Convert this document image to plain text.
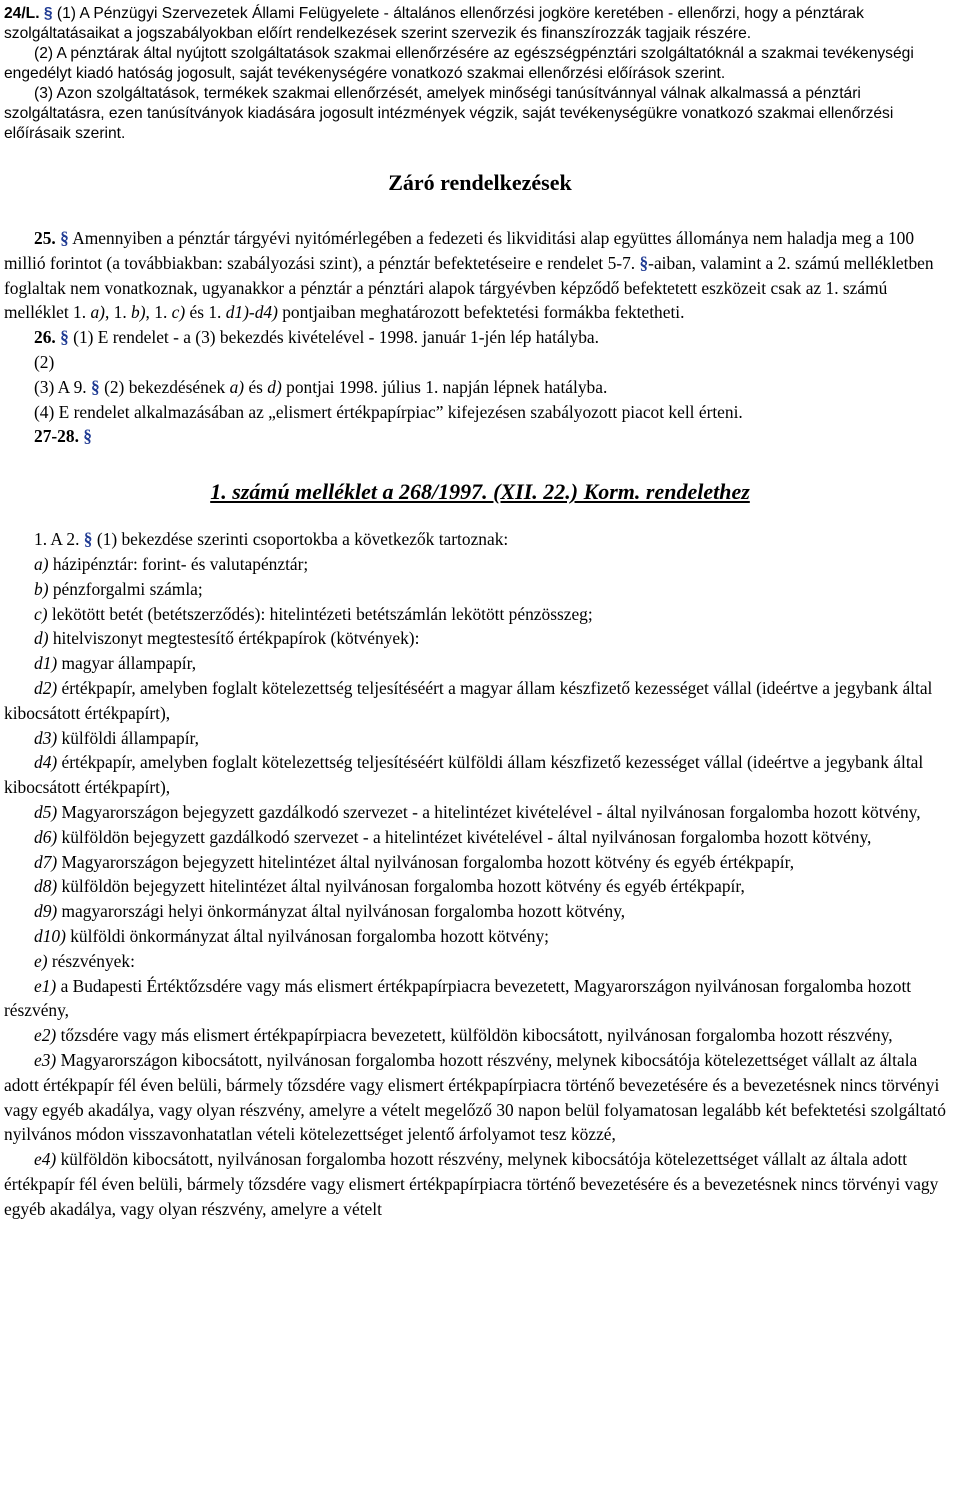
24/L. § (1) A Pénzügyi Szervezetek Állami Felügyelete - általános ellenőrzési jogköre keretében - ellenőrzi, hogy a pénztárak szolgáltatásaikat a jogszabályokban előírt rendelkezések szerint szervezik és finanszírozzák tagjaik részére.

(2) A pénztárak által nyújtott szolgáltatások szakmai ellenőrzésére az egészségpénztári szolgáltatóknál a szakmai tevékenységi engedélyt kiadó hatóság jogosult, saját tevékenységére vonatkozó szakmai ellenőrzési előírások szerint.

(3) Azon szolgáltatások, termékek szakmai ellenőrzését, amelyek minőségi tanúsítvánnyal válnak alkalmassá a pénztári szolgáltatásra, ezen tanúsítványok kiadására jogosult intézmények végzik, saját tevékenységükre vonatkozó szakmai ellenőrzési előírásaik szerint.

Záró rendelkezések

25. § Amennyiben a pénztár tárgyévi nyitómérlegében a fedezeti és likviditási alap együttes állománya nem haladja meg a 100 millió forintot (a továbbiakban: szabályozási szint), a pénztár befektetéseire e rendelet 5-7. §-aiban, valamint a 2. számú mellékletben foglaltak nem vonatkoznak, ugyanakkor a pénztár a pénztári alapok tárgyévben képződő befektetett eszközeit csak az 1. számú melléklet 1. a), 1. b), 1. c) és 1. d1)-d4) pontjaiban meghatározott befektetési formákba fektetheti.

26. § (1) E rendelet - a (3) bekezdés kivételével - 1998. január 1-jén lép hatályba.

(2)

(3) A 9. § (2) bekezdésének a) és d) pontjai 1998. július 1. napján lépnek hatályba.

(4) E rendelet alkalmazásában az „elismert értékpapírpiac” kifejezésen szabályozott piacot kell érteni.

27-28. §

1. számú melléklet a 268/1997. (XII. 22.) Korm. rendelethez

1. A 2. § (1) bekezdése szerinti csoportokba a következők tartoznak:

a) házipénztár: forint- és valutapénztár;

b) pénzforgalmi számla;

c) lekötött betét (betétszerződés): hitelintézeti betétszámlán lekötött pénzösszeg;

d) hitelviszonyt megtestesítő értékpapírok (kötvények):

d1) magyar állampapír,

d2) értékpapír, amelyben foglalt kötelezettség teljesítéséért a magyar állam készfizető kezességet vállal (ideértve a jegybank által kibocsátott értékpapírt),

d3) külföldi állampapír,

d4) értékpapír, amelyben foglalt kötelezettség teljesítéséért külföldi állam készfizető kezességet vállal (ideértve a jegybank által kibocsátott értékpapírt),

d5) Magyarországon bejegyzett gazdálkodó szervezet - a hitelintézet kivételével - által nyilvánosan forgalomba hozott kötvény,

d6) külföldön bejegyzett gazdálkodó szervezet - a hitelintézet kivételével - által nyilvánosan forgalomba hozott kötvény,

d7) Magyarországon bejegyzett hitelintézet által nyilvánosan forgalomba hozott kötvény és egyéb értékpapír,

d8) külföldön bejegyzett hitelintézet által nyilvánosan forgalomba hozott kötvény és egyéb értékpapír,

d9) magyarországi helyi önkormányzat által nyilvánosan forgalomba hozott kötvény,

d10) külföldi önkormányzat által nyilvánosan forgalomba hozott kötvény;

e) részvények:

e1) a Budapesti Értéktőzsdére vagy más elismert értékpapírpiacra bevezetett, Magyarországon nyilvánosan forgalomba hozott részvény,

e2) tőzsdére vagy más elismert értékpapírpiacra bevezetett, külföldön kibocsátott, nyilvánosan forgalomba hozott részvény,

e3) Magyarországon kibocsátott, nyilvánosan forgalomba hozott részvény, melynek kibocsátója kötelezettséget vállalt az általa adott értékpapír fél éven belüli, bármely tőzsdére vagy elismert értékpapírpiacra történő bevezetésére és a bevezetésnek nincs törvényi vagy egyéb akadálya, vagy olyan részvény, amelyre a vételt megelőző 30 napon belül folyamatosan legalább két befektetési szolgáltató nyilvános módon visszavonhatatlan vételi kötelezettséget jelentő árfolyamot tesz közzé,

e4) külföldön kibocsátott, nyilvánosan forgalomba hozott részvény, melynek kibocsátója kötelezettséget vállalt az általa adott értékpapír fél éven belüli, bármely tőzsdére vagy elismert értékpapírpiacra történő bevezetésére és a bevezetésnek nincs törvényi vagy egyéb akadálya, vagy olyan részvény, amelyre a vételt
